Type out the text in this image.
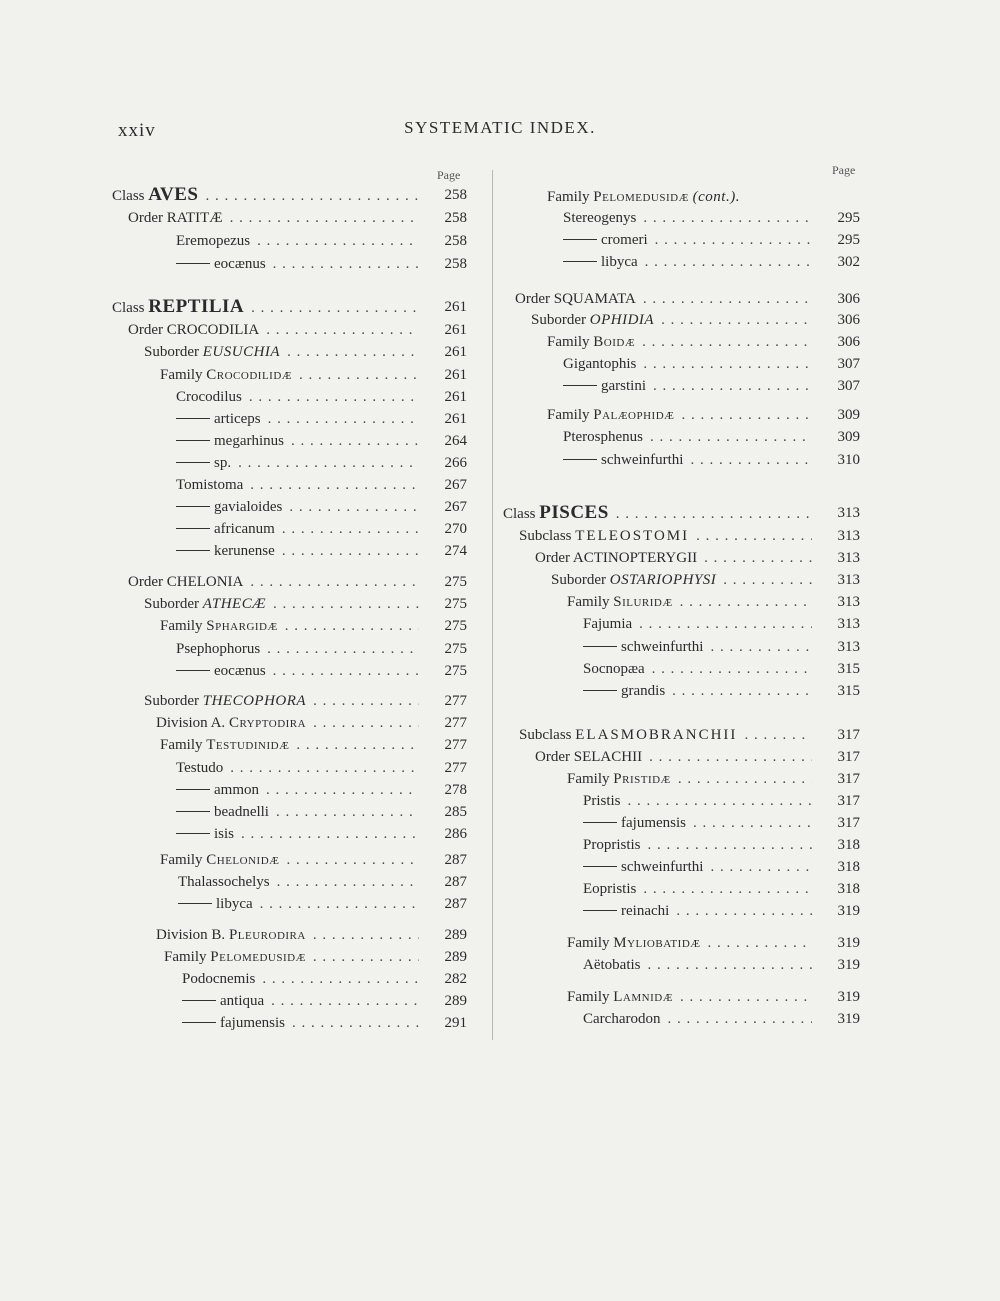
xxiv	SYSTEMATIC INDEX.
Page	Page
Class AVES . . .	258
Order RATITÆ . . .	258
Eremopezus . . .	258
eocænus . . .	258
Class REPTILIA . . .	261
Order CROCODILIA . . .	261
Suborder EUSUCHIA . . .	261
Family Crocodilidæ . . .	261
Crocodilus . . .	261
articeps . . .	261
megarhinus . . .	264
sp. . . .	266
Tomistoma . . .	267
gavialoides . . .	267
africanum . . .	270
kerunense . . .	274
Order CHELONIA . . .	275
Suborder ATHECÆ . . .	275
Family Sphargidæ . . .	275
Psephophorus . . .	275
eocænus . . .	275
Suborder THECOPHORA . . .	277
Division A. Cryptodira . . .	277
Family Testudinidæ . . .	277
Testudo . . .	277
ammon . . .	278
beadnelli . . .	285
isis . . .	286
Family Chelonidæ . . .	287
Thalassochelys . . .	287
libyca . . .	287
Division B. Pleurodira . . .	289
Family Pelomedusidæ . . .	289
Podocnemis . . .	282
antiqua . . .	289
fajumensis . . .	291
Family Pelomedusidæ (cont.).
Stereogenys . . .	295
cromeri . . .	295
libyca . . .	302
Order SQUAMATA . . .	306
Suborder OPHIDIA . . .	306
Family Boidæ . . .	306
Gigantophis . . .	307
garstini . . .	307
Family Palæophidæ . . .	309
Pterosphenus . . .	309
schweinfurthi . . .	310
Class PISCES . . .	313
Subclass TELEOSTOMI . . .	313
Order ACTINOPTERYGII . . .	313
Suborder OSTARIOPHYSI . . .	313
Family Siluridæ . . .	313
Fajumia . . .	313
schweinfurthi . . .	313
Socnopæa . . .	315
grandis . . .	315
Subclass ELASMOBRANCHII . . .	317
Order SELACHII . . .	317
Family Pristidæ . . .	317
Pristis . . .	317
fajumensis . . .	317
Propristis . . .	318
schweinfurthi . . .	318
Eopristis . . .	318
reinachi . . .	319
Family Myliobatidæ . . .	319
Aëtobatis . . .	319
Family Lamnidæ . . .	319
Carcharodon . . .	319
